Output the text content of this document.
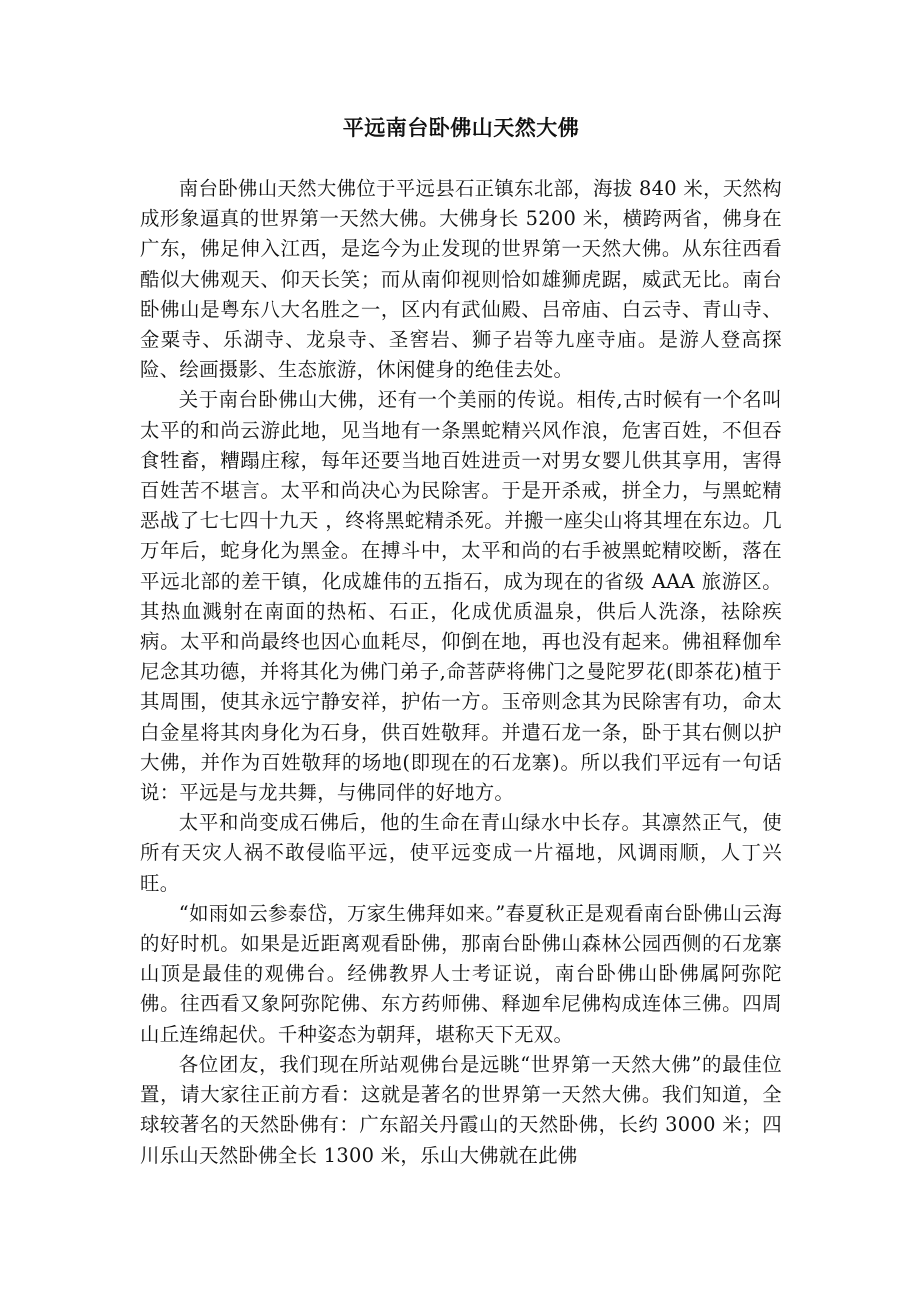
平远南台卧佛山天然大佛

南台卧佛山天然大佛位于平远县石正镇东北部，海拔 840 米，天然构成形象逼真的世界第一天然大佛。大佛身长 5200 米，横跨两省，佛身在广东，佛足伸入江西，是迄今为止发现的世界第一天然大佛。从东往西看酷似大佛观天、仰天长笑；而从南仰视则恰如雄狮虎踞，威武无比。南台卧佛山是粤东八大名胜之一，区内有武仙殿、吕帝庙、白云寺、青山寺、金粟寺、乐湖寺、龙泉寺、圣窖岩、狮子岩等九座寺庙。是游人登高探险、绘画摄影、生态旅游，休闲健身的绝佳去处。

关于南台卧佛山大佛，还有一个美丽的传说。相传,古时候有一个名叫太平的和尚云游此地，见当地有一条黑蛇精兴风作浪，危害百姓，不但吞食牲畜，糟蹋庄稼，每年还要当地百姓进贡一对男女婴儿供其享用，害得百姓苦不堪言。太平和尚决心为民除害。于是开杀戒，拼全力，与黑蛇精恶战了七七四十九天 ，终将黑蛇精杀死。并搬一座尖山将其埋在东边。几万年后，蛇身化为黑金。在搏斗中，太平和尚的右手被黑蛇精咬断，落在平远北部的差干镇，化成雄伟的五指石，成为现在的省级 AAA 旅游区。其热血溅射在南面的热柘、石正，化成优质温泉，供后人洗涤，祛除疾病。太平和尚最终也因心血耗尽，仰倒在地，再也没有起来。佛祖释伽牟尼念其功德，并将其化为佛门弟子,命菩萨将佛门之曼陀罗花(即茶花)植于其周围，使其永远宁静安祥，护佑一方。玉帝则念其为民除害有功，命太白金星将其肉身化为石身，供百姓敬拜。并遣石龙一条，卧于其右侧以护大佛，并作为百姓敬拜的场地(即现在的石龙寨)。所以我们平远有一句话说：平远是与龙共舞，与佛同伴的好地方。

太平和尚变成石佛后，他的生命在青山绿水中长存。其凛然正气，使所有天灾人祸不敢侵临平远，使平远变成一片福地，风调雨顺，人丁兴旺。

“如雨如云参泰岱，万家生佛拜如来。”春夏秋正是观看南台卧佛山云海的好时机。如果是近距离观看卧佛，那南台卧佛山森林公园西侧的石龙寨山顶是最佳的观佛台。经佛教界人士考证说，南台卧佛山卧佛属阿弥陀佛。往西看又象阿弥陀佛、东方药师佛、释迦牟尼佛构成连体三佛。四周山丘连绵起伏。千种姿态为朝拜，堪称天下无双。

各位团友，我们现在所站观佛台是远眺“世界第一天然大佛”的最佳位置，请大家往正前方看：这就是著名的世界第一天然大佛。我们知道，全球较著名的天然卧佛有：广东韶关丹霞山的天然卧佛，长约 3000 米；四川乐山天然卧佛全长 1300 米，乐山大佛就在此佛
